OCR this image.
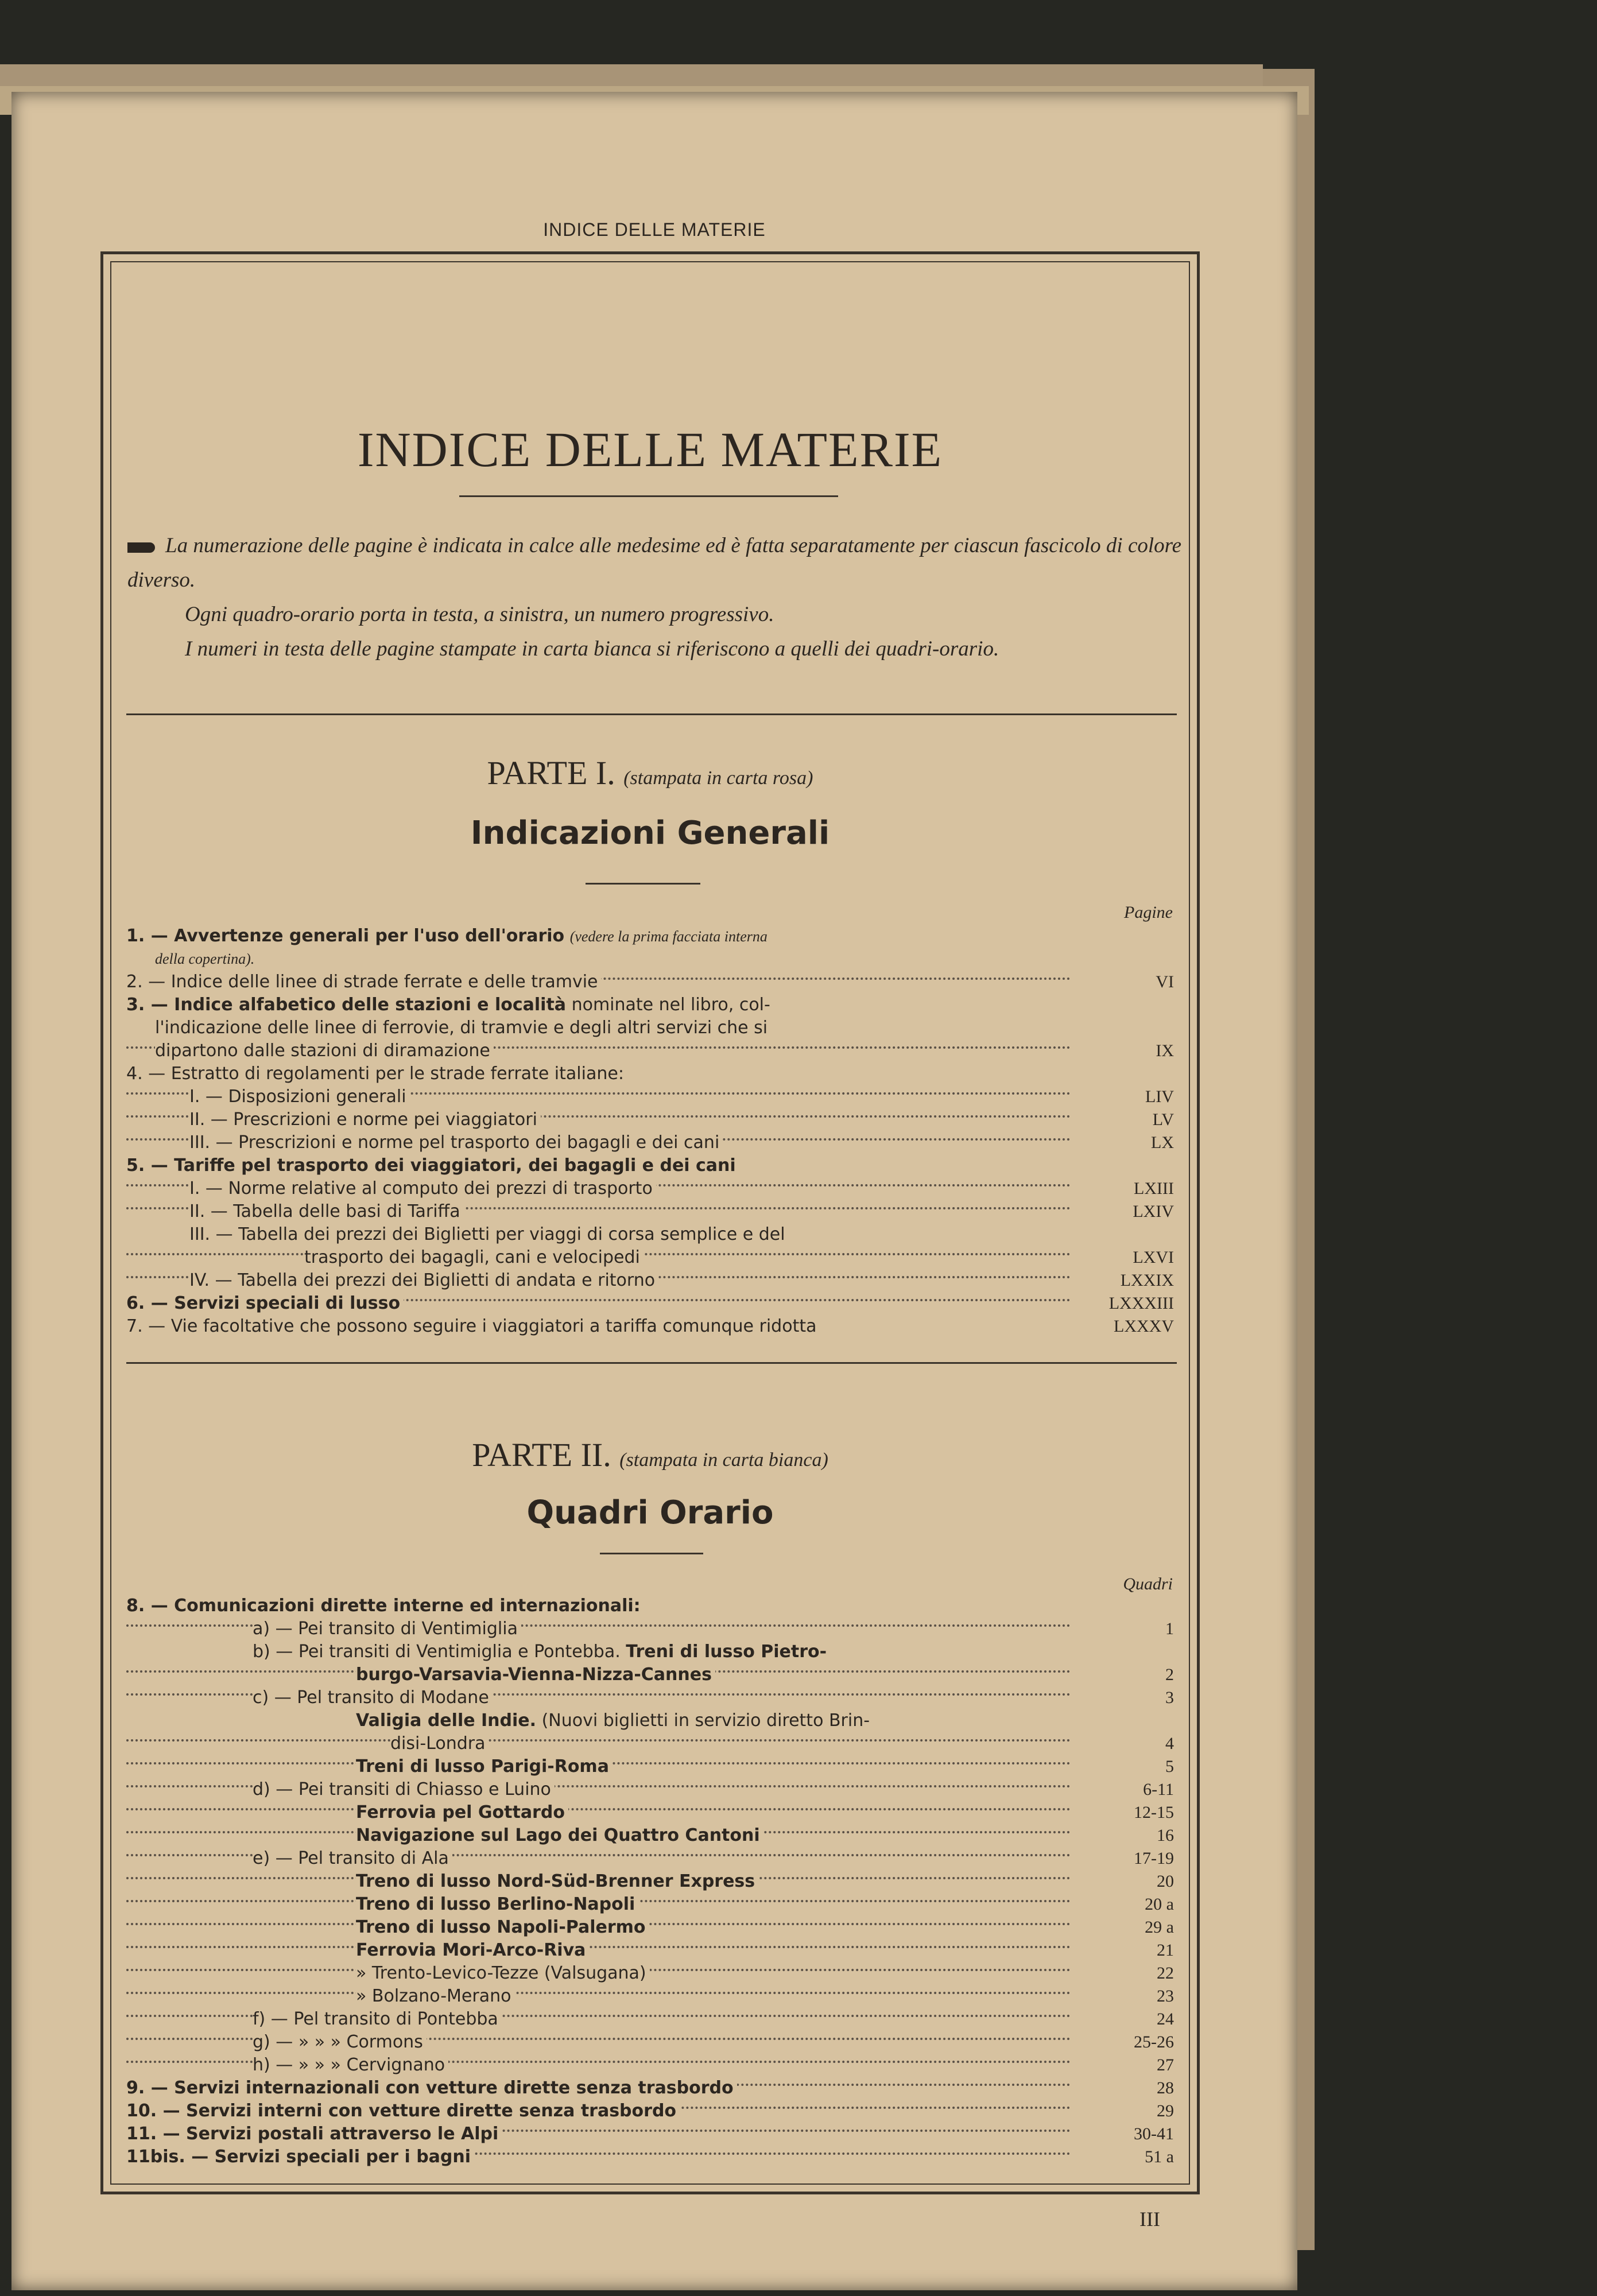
INDICE DELLE MATERIE
INDICE DELLE MATERIE
La numerazione delle pagine è indicata in calce alle medesime ed è fatta separatamente per ciascun fascicolo di colore diverso.
Ogni quadro-orario porta in testa, a sinistra, un numero progressivo.
I numeri in testa delle pagine stampate in carta bianca si riferiscono a quelli dei quadri-orario.
PARTE I. (stampata in carta rosa)
Indicazioni Generali
Pagine
1. — Avvertenze generali per l'uso dell'orario (vedere la prima facciata interna
della copertina).
2. — Indice delle linee di strade ferrate e delle tramvie	VI
3. — Indice alfabetico delle stazioni e località nominate nel libro, col-
l'indicazione delle linee di ferrovie, di tramvie e degli altri servizi che si
dipartono dalle stazioni di diramazione	IX
4. — Estratto di regolamenti per le strade ferrate italiane:
I. — Disposizioni generali	LIV
II. — Prescrizioni e norme pei viaggiatori	LV
III. — Prescrizioni e norme pel trasporto dei bagagli e dei cani	LX
5. — Tariffe pel trasporto dei viaggiatori, dei bagagli e dei cani
I. — Norme relative al computo dei prezzi di trasporto	LXIII
II. — Tabella delle basi di Tariffa	LXIV
III. — Tabella dei prezzi dei Biglietti per viaggi di corsa semplice e del
trasporto dei bagagli, cani e velocipedi	LXVI
IV. — Tabella dei prezzi dei Biglietti di andata e ritorno	LXXIX
6. — Servizi speciali di lusso	LXXXIII
7. — Vie facoltative che possono seguire i viaggiatori a tariffa comunque ridotta	LXXXV
PARTE II. (stampata in carta bianca)
Quadri Orario
Quadri
8. — Comunicazioni dirette interne ed internazionali:
a) — Pei transito di Ventimiglia	1
b) — Pei transiti di Ventimiglia e Pontebba. Treni di lusso Pietro-
burgo-Varsavia-Vienna-Nizza-Cannes	2
c) — Pel transito di Modane	3
Valigia delle Indie. (Nuovi biglietti in servizio diretto Brin-
disi-Londra	4
Treni di lusso Parigi-Roma	5
d) — Pei transiti di Chiasso e Luino	6-11
Ferrovia pel Gottardo	12-15
Navigazione sul Lago dei Quattro Cantoni	16
e) — Pel transito di Ala	17-19
Treno di lusso Nord-Süd-Brenner Express	20
Treno di lusso Berlino-Napoli	20 a
Treno di lusso Napoli-Palermo	29 a
Ferrovia Mori-Arco-Riva	21
» Trento-Levico-Tezze (Valsugana)	22
» Bolzano-Merano	23
f) — Pel transito di Pontebba	24
g) — » » » Cormons	25-26
h) — » » » Cervignano	27
9. — Servizi internazionali con vetture dirette senza trasbordo	28
10. — Servizi interni con vetture dirette senza trasbordo	29
11. — Servizi postali attraverso le Alpi	30-41
11bis. — Servizi speciali per i bagni	51 a
III
